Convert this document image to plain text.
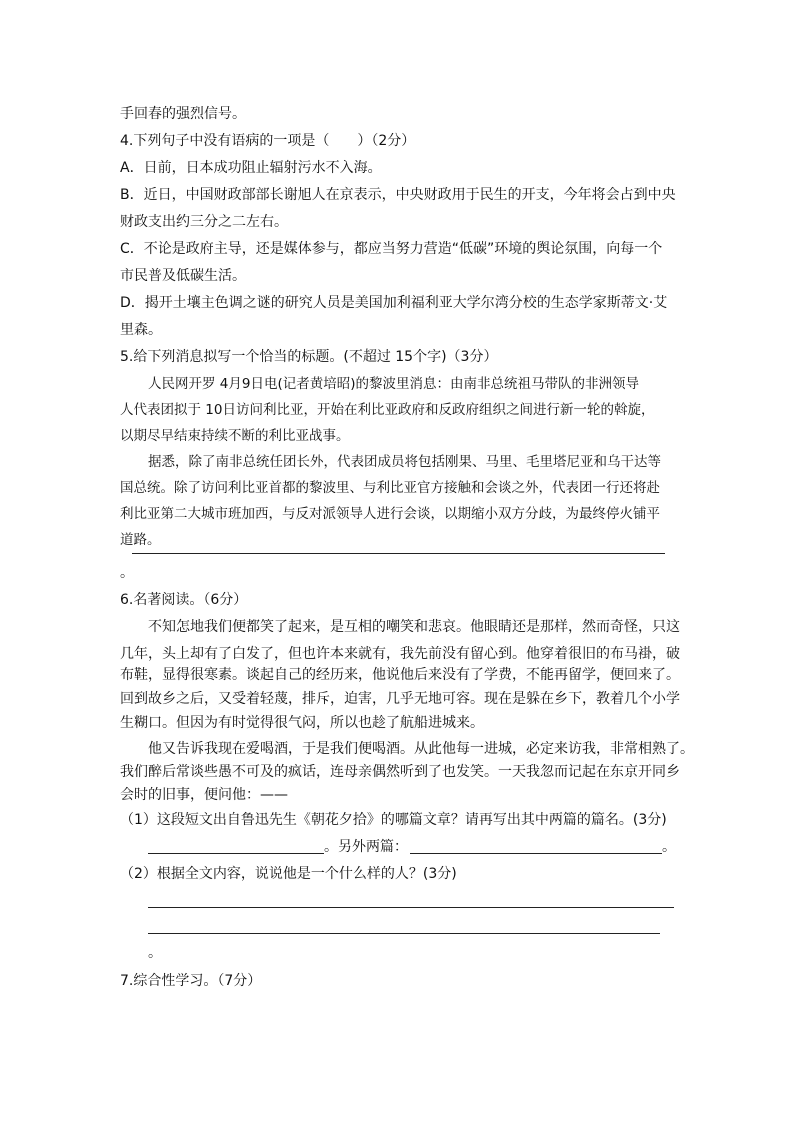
手回春的强烈信号。
4.下列句子中没有语病的一项是（　　）（2分）
A．日前，日本成功阻止辐射污水不入海。
B．近日，中国财政部部长谢旭人在京表示，中央财政用于民生的开支，今年将会占到中央
财政支出约三分之二左右。
C．不论是政府主导，还是媒体参与，都应当努力营造“低碳”环境的舆论氛围，向每一个
市民普及低碳生活。
D．揭开土壤主色调之谜的研究人员是美国加利福利亚大学尔湾分校的生态学家斯蒂文·艾
里森。
5.给下列消息拟写一个恰当的标题。(不超过 15个字)（3分）
人民网开罗 4月9日电(记者黄培昭)的黎波里消息：由南非总统祖马带队的非洲领导
人代表团拟于 10日访问利比亚，开始在利比亚政府和反政府组织之间进行新一轮的斡旋，
以期尽早结束持续不断的利比亚战事。
据悉，除了南非总统任团长外，代表团成员将包括刚果、马里、毛里塔尼亚和乌干达等
国总统。除了访问利比亚首都的黎波里、与利比亚官方接触和会谈之外，代表团一行还将赴
利比亚第二大城市班加西，与反对派领导人进行会谈，以期缩小双方分歧，为最终停火铺平
道路。
。
6.名著阅读。（6分）
不知怎地我们便都笑了起来，是互相的嘲笑和悲哀。他眼睛还是那样，然而奇怪，只这
几年，头上却有了白发了，但也许本来就有，我先前没有留心到。他穿着很旧的布马褂，破
布鞋，显得很寒素。谈起自己的经历来，他说他后来没有了学费，不能再留学，便回来了。
回到故乡之后，又受着轻蔑，排斥，迫害，几乎无地可容。现在是躲在乡下，教着几个小学
生糊口。但因为有时觉得很气闷，所以也趁了航船进城来。
他又告诉我现在爱喝酒，于是我们便喝酒。从此他每一进城，必定来访我，非常相熟了。
我们醉后常谈些愚不可及的疯话，连母亲偶然听到了也发笑。一天我忽而记起在东京开同乡
会时的旧事，便问他：——
（1）这段短文出自鲁迅先生《朝花夕拾》的哪篇文章？请再写出其中两篇的篇名。(3分)
。另外两篇：	。
（2）根据全文内容，说说他是一个什么样的人？(3分)
。
7.综合性学习。（7分）
